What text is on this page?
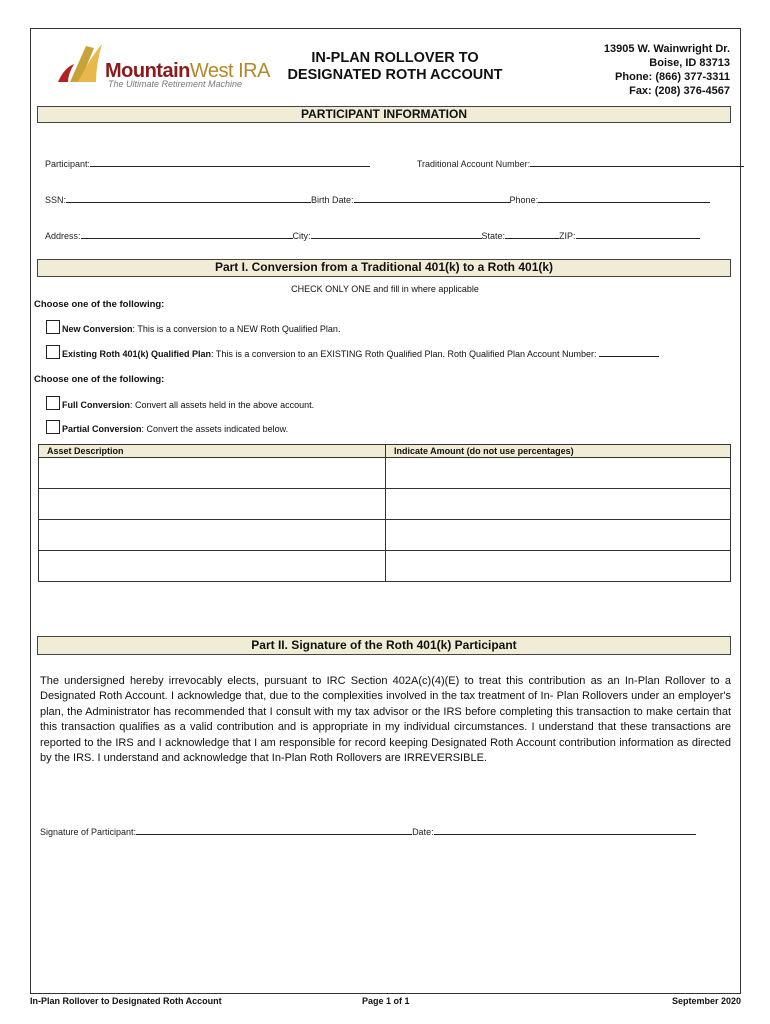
MountainWest IRA
The Ultimate Retirement Machine
IN-PLAN ROLLOVER TO
DESIGNATED ROTH ACCOUNT
13905 W. Wainwright Dr.
Boise, ID 83713
Phone: (866) 377-3311
Fax: (208) 376-4567
PARTICIPANT INFORMATION
Participant:	Traditional Account Number:
SSN:	Birth Date:	Phone:
Address:	City:	State:	ZIP:
Part I. Conversion from a Traditional 401(k) to a Roth 401(k)
CHECK ONLY ONE and fill in where applicable
Choose one of the following:
New Conversion: This is a conversion to a NEW Roth Qualified Plan.
Existing Roth 401(k) Qualified Plan: This is a conversion to an EXISTING Roth Qualified Plan. Roth Qualified Plan Account Number:
Choose one of the following:
Full Conversion: Convert all assets held in the above account.
Partial Conversion: Convert the assets indicated below.
Asset Description	Indicate Amount (do not use percentages)

Part II. Signature of the Roth 401(k) Participant
The undersigned hereby irrevocably elects, pursuant to IRC Section 402A(c)(4)(E) to treat this contribution as an In-Plan Rollover to a Designated Roth Account. I acknowledge that, due to the complexities involved in the tax treatment of In- Plan Rollovers under an employer's plan, the Administrator has recommended that I consult with my tax advisor or the IRS before completing this transaction to make certain that this transaction qualifies as a valid contribution and is appropriate in my individual circumstances. I understand that these transactions are reported to the IRS and I acknowledge that I am responsible for record keeping Designated Roth Account contribution information as directed by the IRS. I understand and acknowledge that In-Plan Roth Rollovers are IRREVERSIBLE.
Signature of Participant:	Date:
In-Plan Rollover to Designated Roth Account	Page 1 of 1	September 2020
